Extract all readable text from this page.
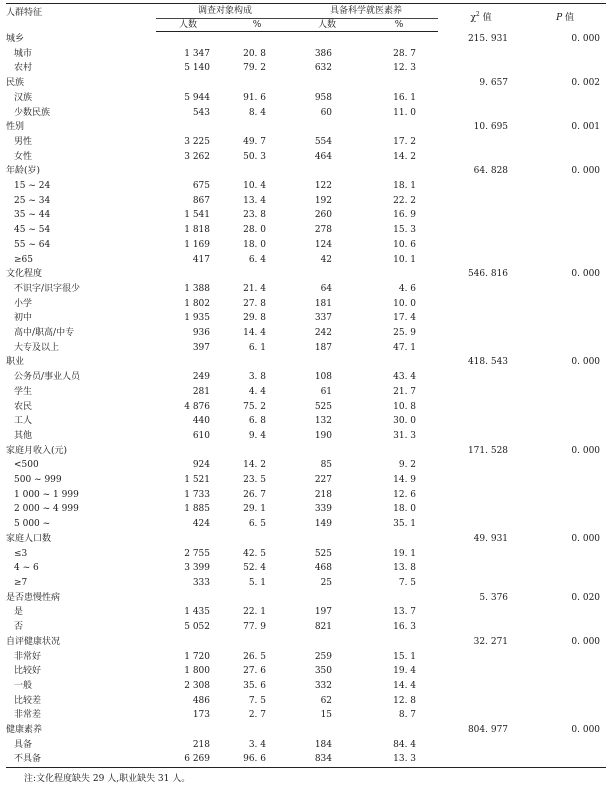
人群特征	调查对象构成		具备科学就医素养		$\chi^2$ 值	P 值
	人数	%	人数	%		
城乡					215. 931	0. 000
城市	1 347	20. 8	386	28. 7		
农村	5 140	79. 2	632	12. 3		
民族					9. 657	0. 002
汉族	5 944	91. 6	958	16. 1		
少数民族	543	8. 4	60	11. 0		
性别					10. 695	0. 001
男性	3 225	49. 7	554	17. 2		
女性	3 262	50. 3	464	14. 2		
年龄(岁)					64. 828	0. 000
15 ~ 24	675	10. 4	122	18. 1		
25 ~ 34	867	13. 4	192	22. 2		
35 ~ 44	1 541	23. 8	260	16. 9		
45 ~ 54	1 818	28. 0	278	15. 3		
55 ~ 64	1 169	18. 0	124	10. 6		
≥65	417	6. 4	42	10. 1		
文化程度					546. 816	0. 000
不识字/识字很少	1 388	21. 4	64	4. 6		
小学	1 802	27. 8	181	10. 0		
初中	1 935	29. 8	337	17. 4		
高中/职高/中专	936	14. 4	242	25. 9		
大专及以上	397	6. 1	187	47. 1		
职业					418. 543	0. 000
公务员/事业人员	249	3. 8	108	43. 4		
学生	281	4. 4	61	21. 7		
农民	4 876	75. 2	525	10. 8		
工人	440	6. 8	132	30. 0		
其他	610	9. 4	190	31. 3		
家庭月收入(元)					171. 528	0. 000
<500	924	14. 2	85	9. 2		
500 ~ 999	1 521	23. 5	227	14. 9		
1 000 ~ 1 999	1 733	26. 7	218	12. 6		
2 000 ~ 4 999	1 885	29. 1	339	18. 0		
5 000 ~	424	6. 5	149	35. 1		
家庭人口数					49. 931	0. 000
≤3	2 755	42. 5	525	19. 1		
4 ~ 6	3 399	52. 4	468	13. 8		
≥7	333	5. 1	25	7. 5		
是否患慢性病					5. 376	0. 020
是	1 435	22. 1	197	13. 7		
否	5 052	77. 9	821	16. 3		
自评健康状况					32. 271	0. 000
非常好	1 720	26. 5	259	15. 1		
比较好	1 800	27. 6	350	19. 4		
一般	2 308	35. 6	332	14. 4		
比较差	486	7. 5	62	12. 8		
非常差	173	2. 7	15	8. 7		
健康素养					804. 977	0. 000
具备	218	3. 4	184	84. 4		
不具备	6 269	96. 6	834	13. 3		
注:文化程度缺失 29 人,职业缺失 31 人。
